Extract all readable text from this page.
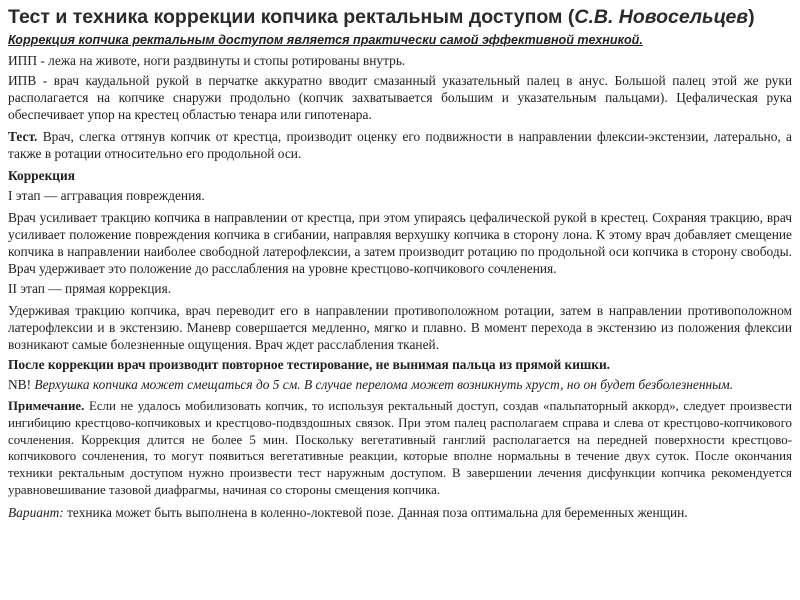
Тест и техника коррекции копчика ректальным доступом (С.В. Новосельцев)
Коррекция копчика ректальным доступом является практически самой эффективной техникой.

ИПП - лежа на животе, ноги раздвинуты и стопы ротированы внутрь.

ИПВ - врач каудальной рукой в перчатке аккуратно вводит смазанный указательный палец в анус. Большой палец этой же руки располагается на копчике снаружи продольно (копчик захватывается большим и указательным пальцами). Цефалическая рука обеспечивает упор на крестец областью тенара или гипотенара.

Тест. Врач, слегка оттянув копчик от крестца, производит оценку его подвижности в направлении флексии-экстензии, латерально, а также в ротации относительно его продольной оси.

Коррекция

I этап — аггравация повреждения.

Врач усиливает тракцию копчика в направлении от крестца, при этом упираясь цефалической рукой в крестец. Сохраняя тракцию, врач усиливает положение повреждения копчика в сгибании, направляя верхушку копчика в сторону лона. К этому врач добавляет смещение копчика в направлении наиболее свободной латерофлексии, а затем производит ротацию по продольной оси копчика в сторону свободы. Врач удерживает это положение до расслабления на уровне крестцово-копчикового сочленения.

II этап — прямая коррекция.

Удерживая тракцию копчика, врач переводит его в направлении противоположном ротации, затем в направлении противоположном латерофлексии и в экстензию. Маневр совершается медленно, мягко и плавно. В момент перехода в экстензию из положения флексии возникают самые болезненные ощущения. Врач ждет расслабления тканей.

После коррекции врач производит повторное тестирование, не вынимая пальца из прямой кишки.

NB! Верхушка копчика может смещаться до 5 см. В случае перелома может возникнуть хруст, но он будет безболезненным.

Примечание. Если не удалось мобилизовать копчик, то используя ректальный доступ, создав «пальпаторный аккорд», следует произвести ингибицию крестцово-копчиковых и крестцово-подвздошных связок. При этом палец располагаем справа и слева от крестцово-копчикового сочленения. Коррекция длится не более 5 мин. Поскольку вегетативный ганглий располагается на передней поверхности крестцово-копчикового сочленения, то могут появиться вегетативные реакции, которые вполне нормальны в течение двух суток. После окончания техники ректальным доступом нужно произвести тест наружным доступом. В завершении лечения дисфункции копчика рекомендуется уравновешивание тазовой диафрагмы, начиная со стороны смещения копчика.

Вариант: техника может быть выполнена в коленно-локтевой позе. Данная поза оптимальна для беременных женщин.
